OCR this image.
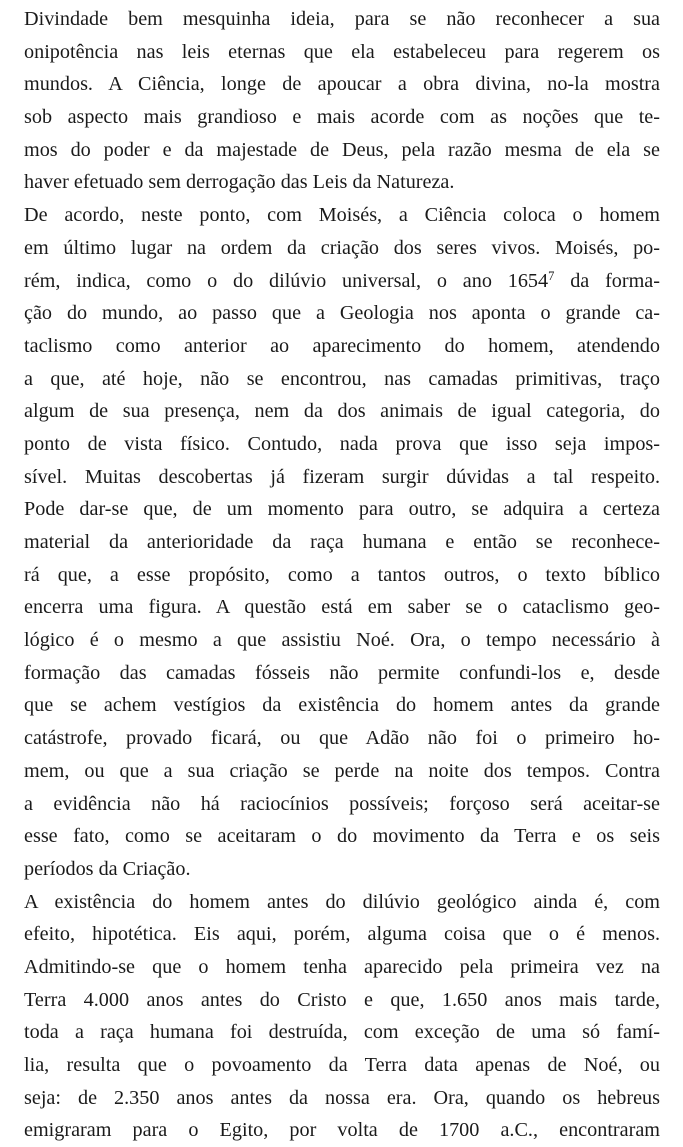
Divindade bem mesquinha ideia, para se não reconhecer a sua
onipotência nas leis eternas que ela estabeleceu para regerem os
mundos. A Ciência, longe de apoucar a obra divina, no-la mostra
sob aspecto mais grandioso e mais acorde com as noções que te-
mos do poder e da majestade de Deus, pela razão mesma de ela se
haver efetuado sem derrogação das Leis da Natureza.
De acordo, neste ponto, com Moisés, a Ciência coloca o homem
em último lugar na ordem da criação dos seres vivos. Moisés, po-
rém, indica, como o do dilúvio universal, o ano 1654$^7$ da forma-
ção do mundo, ao passo que a Geologia nos aponta o grande ca-
taclismo como anterior ao aparecimento do homem, atendendo
a que, até hoje, não se encontrou, nas camadas primitivas, traço
algum de sua presença, nem da dos animais de igual categoria, do
ponto de vista físico. Contudo, nada prova que isso seja impos-
sível. Muitas descobertas já fizeram surgir dúvidas a tal respeito.
Pode dar-se que, de um momento para outro, se adquira a certeza
material da anterioridade da raça humana e então se reconhece-
rá que, a esse propósito, como a tantos outros, o texto bíblico
encerra uma figura. A questão está em saber se o cataclismo geo-
lógico é o mesmo a que assistiu Noé. Ora, o tempo necessário à
formação das camadas fósseis não permite confundi-los e, desde
que se achem vestígios da existência do homem antes da grande
catástrofe, provado ficará, ou que Adão não foi o primeiro ho-
mem, ou que a sua criação se perde na noite dos tempos. Contra
a evidência não há raciocínios possíveis; forçoso será aceitar-se
esse fato, como se aceitaram o do movimento da Terra e os seis
períodos da Criação.
A existência do homem antes do dilúvio geológico ainda é, com
efeito, hipotética. Eis aqui, porém, alguma coisa que o é menos.
Admitindo-se que o homem tenha aparecido pela primeira vez na
Terra 4.000 anos antes do Cristo e que, 1.650 anos mais tarde,
toda a raça humana foi destruída, com exceção de uma só famí-
lia, resulta que o povoamento da Terra data apenas de Noé, ou
seja: de 2.350 anos antes da nossa era. Ora, quando os hebreus
emigraram para o Egito, por volta de 1700 a.C., encontraram
